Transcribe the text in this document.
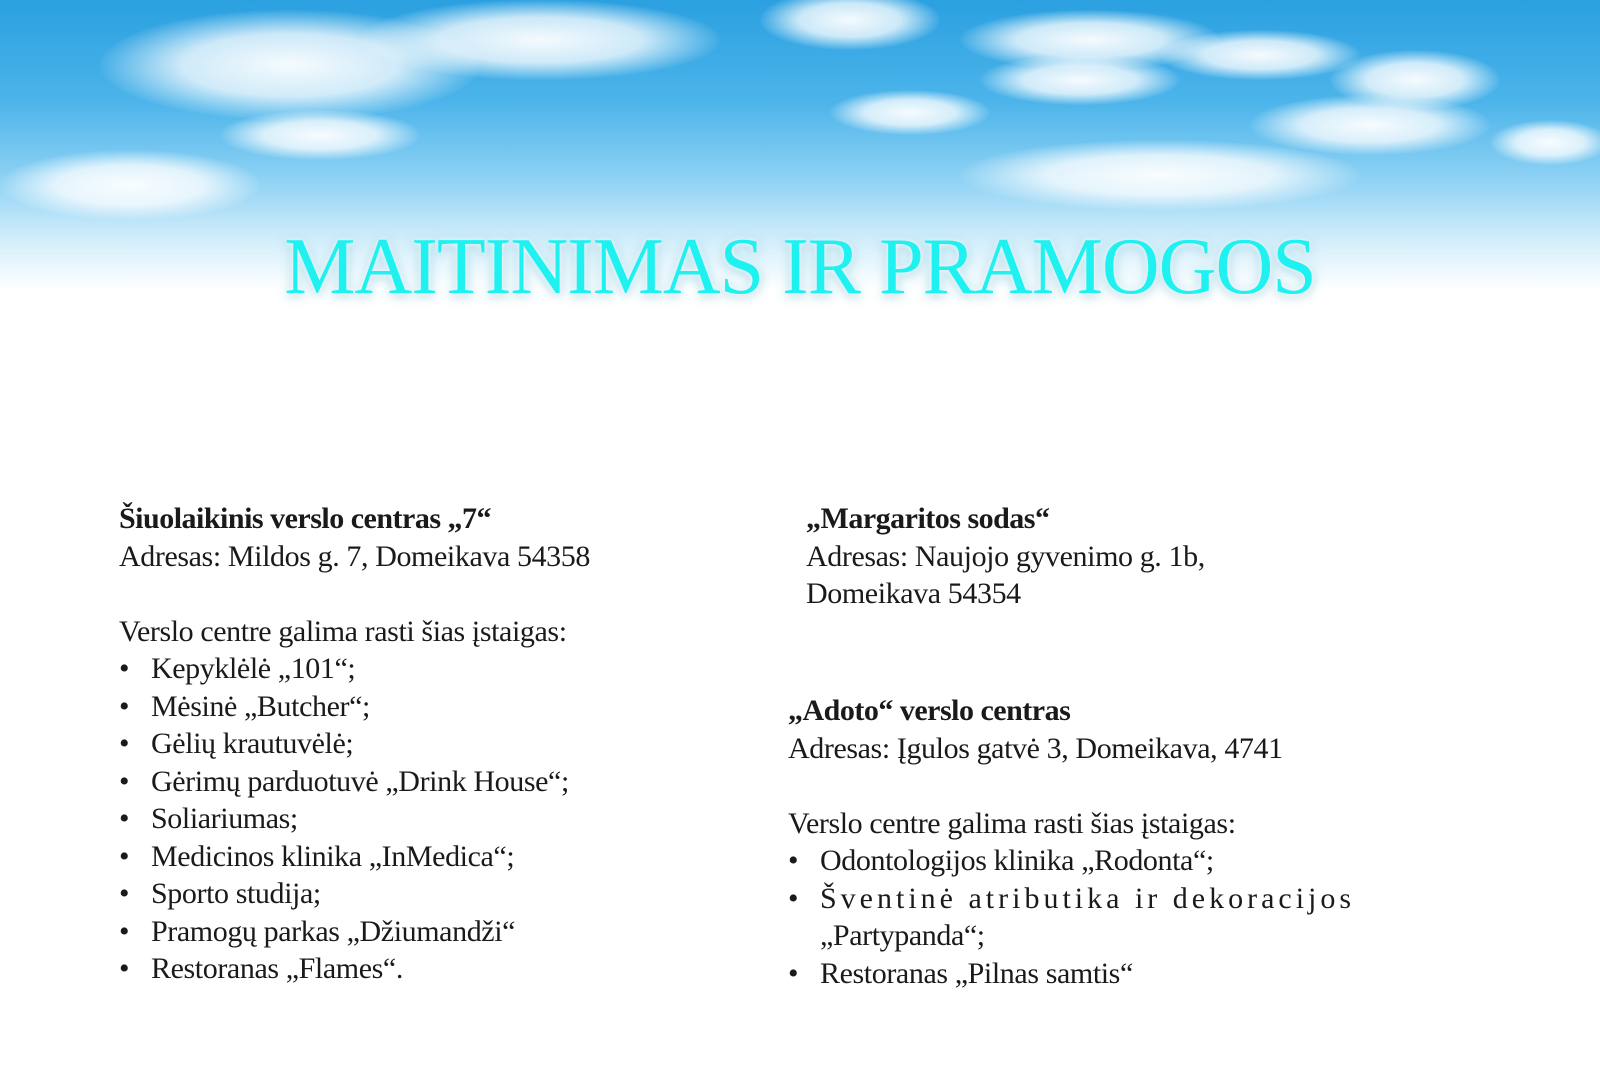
MAITINIMAS IR PRAMOGOS
Šiuolaikinis verslo centras „7“
Adresas: Mildos g. 7, Domeikava 54358
Verslo centre galima rasti šias įstaigas:
• Kepyklėlė „101“;
• Mėsinė „Butcher“;
• Gėlių krautuvėlė;
• Gėrimų parduotuvė „Drink House“;
• Soliariumas;
• Medicinos klinika „InMedica“;
• Sporto studija;
• Pramogų parkas „Džiumandži“
• Restoranas „Flames“.
„Margaritos sodas“
Adresas: Naujojo gyvenimo g. 1b,
Domeikava 54354
„Adoto“ verslo centras
Adresas: Įgulos gatvė 3, Domeikava, 4741
Verslo centre galima rasti šias įstaigas:
• Odontologijos klinika „Rodonta“;
• Šventinė atributika ir dekoracijos
„Partypanda“;
• Restoranas „Pilnas samtis“
